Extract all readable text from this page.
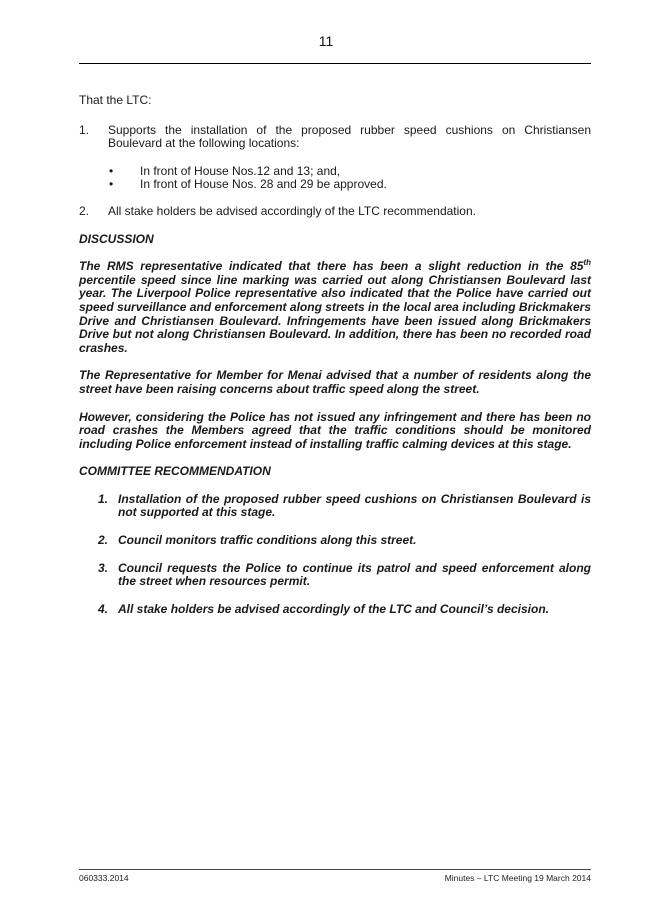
11

That the LTC:

1.	Supports the installation of the proposed rubber speed cushions on Christiansen Boulevard at the following locations:
•	In front of House Nos.12 and 13; and,
•	In front of House Nos. 28 and 29 be approved.
2.	All stake holders be advised accordingly of the LTC recommendation.

DISCUSSION

The RMS representative indicated that there has been a slight reduction in the 85th percentile speed since line marking was carried out along Christiansen Boulevard last year. The Liverpool Police representative also indicated that the Police have carried out speed surveillance and enforcement along streets in the local area including Brickmakers Drive and Christiansen Boulevard. Infringements have been issued along Brickmakers Drive but not along Christiansen Boulevard. In addition, there has been no recorded road crashes.

The Representative for Member for Menai advised that a number of residents along the street have been raising concerns about traffic speed along the street.

However, considering the Police has not issued any infringement and there has been no road crashes the Members agreed that the traffic conditions should be monitored including Police enforcement instead of installing traffic calming devices at this stage.

COMMITTEE RECOMMENDATION

1. Installation of the proposed rubber speed cushions on Christiansen Boulevard is not supported at this stage.
2. Council monitors traffic conditions along this street.
3. Council requests the Police to continue its patrol and speed enforcement along the street when resources permit.
4. All stake holders be advised accordingly of the LTC and Council’s decision.
060333.2014	Minutes – LTC Meeting 19 March 2014
